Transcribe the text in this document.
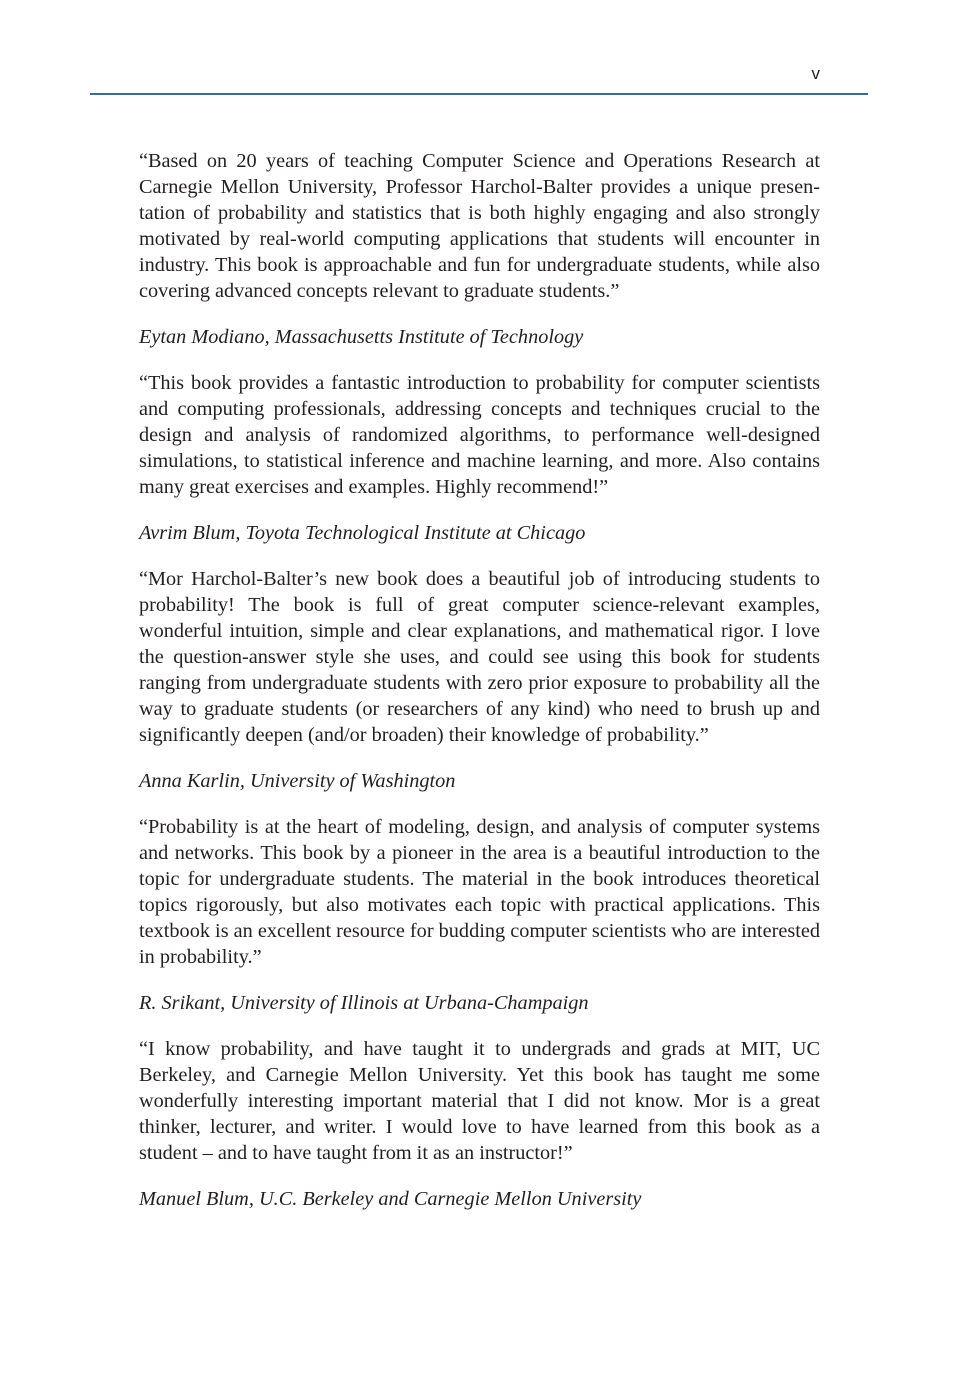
v

“Based on 20 years of teaching Computer Science and Operations Research at Carnegie Mellon University, Professor Harchol-Balter provides a unique presentation of probability and statistics that is both highly engaging and also strongly motivated by real-world computing applications that students will encounter in industry. This book is approachable and fun for undergraduate students, while also covering advanced concepts relevant to graduate students.”

Eytan Modiano, Massachusetts Institute of Technology

“This book provides a fantastic introduction to probability for computer scientists and computing professionals, addressing concepts and techniques crucial to the design and analysis of randomized algorithms, to performance well-designed simulations, to statistical inference and machine learning, and more. Also contains many great exercises and examples. Highly recommend!”

Avrim Blum, Toyota Technological Institute at Chicago

“Mor Harchol-Balter’s new book does a beautiful job of introducing students to probability! The book is full of great computer science-relevant examples, wonderful intuition, simple and clear explanations, and mathematical rigor. I love the question-answer style she uses, and could see using this book for students ranging from undergraduate students with zero prior exposure to probability all the way to graduate students (or researchers of any kind) who need to brush up and significantly deepen (and/or broaden) their knowledge of probability.”

Anna Karlin, University of Washington

“Probability is at the heart of modeling, design, and analysis of computer systems and networks. This book by a pioneer in the area is a beautiful introduction to the topic for undergraduate students. The material in the book introduces theoretical topics rigorously, but also motivates each topic with practical applications. This textbook is an excellent resource for budding computer scientists who are interested in probability.”

R. Srikant, University of Illinois at Urbana-Champaign

“I know probability, and have taught it to undergrads and grads at MIT, UC Berkeley, and Carnegie Mellon University. Yet this book has taught me some wonderfully interesting important material that I did not know. Mor is a great thinker, lecturer, and writer. I would love to have learned from this book as a student – and to have taught from it as an instructor!”

Manuel Blum, U.C. Berkeley and Carnegie Mellon University
